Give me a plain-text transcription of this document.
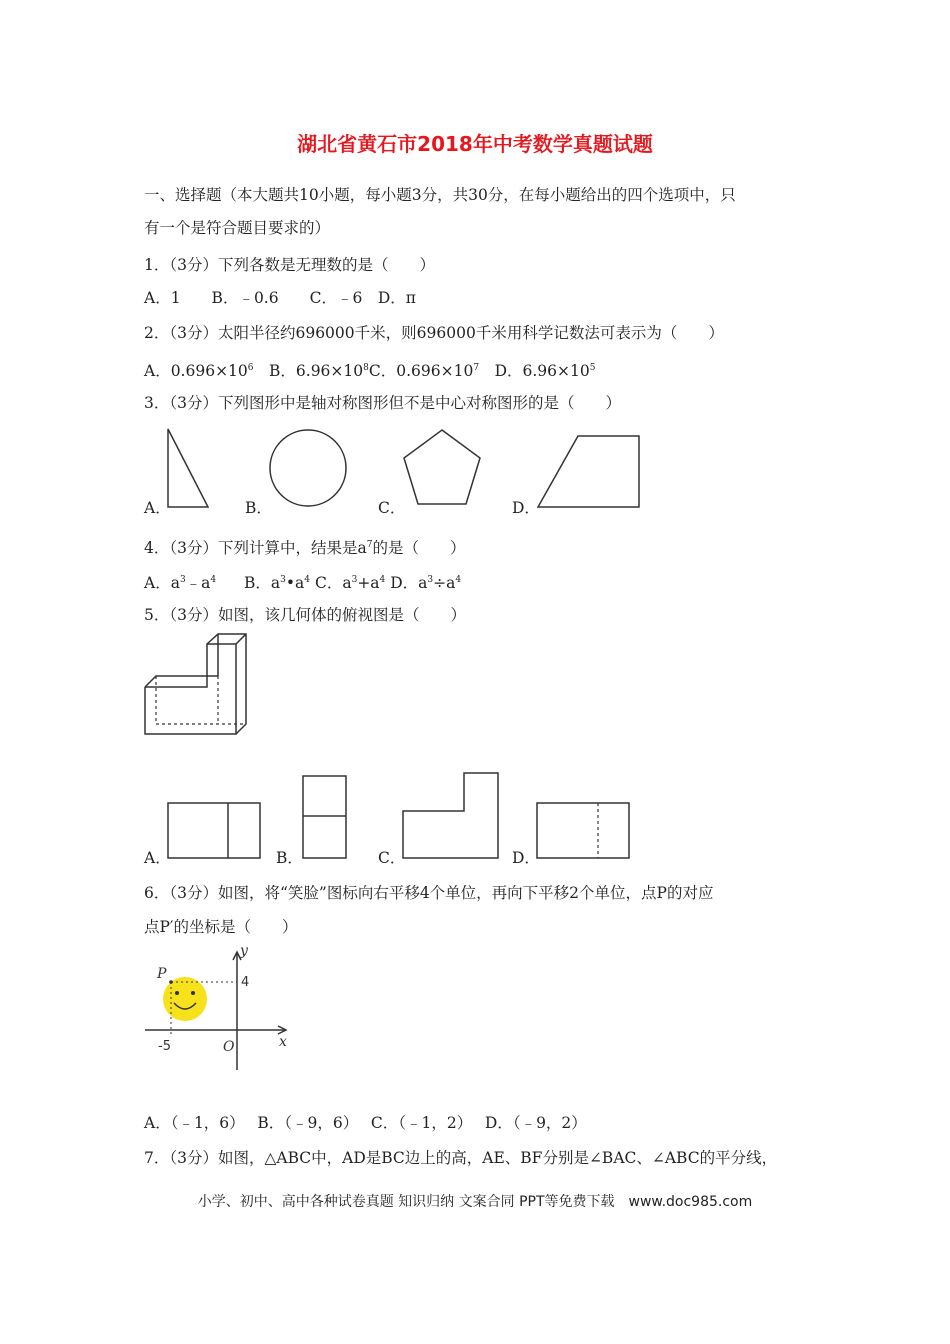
湖北省黄石市2018年中考数学真题试题
一、选择题（本大题共10小题，每小题3分，共30分，在每小题给出的四个选项中，只
有一个是符合题目要求的）
1．（3分）下列各数是无理数的是（　　）
A．1　　B．﹣0.6　　C．﹣6　D．π
2．（3分）太阳半径约696000千米，则696000千米用科学记数法可表示为（　　）
A．$0.696\times 10^6$　B．$6.96\times 10^8C$．$0.696\times 10^7$　D．$6.96\times 10^5$
3．（3分）下列图形中是轴对称图形但不是中心对称图形的是（　　）
A．	B．	C．	D．
4．（3分）下列计算中，结果是$a^7$的是（　　）
A．$a^3﹣a^4$ B．$a^3•a^4$ C．$a^3+a^4$ D．$a^3\div a^4$
5．（3分）如图，该几何体的俯视图是（　　）
A．	B．	C．	D．
6．（3分）如图，将“笑脸”图标向右平移4个单位，再向下平移2个单位，点P的对应
点P′的坐标是（　　）
y
x
P
4
-5	O
A．（﹣1，6）　 B．（﹣9，6）　 C．（﹣1，2）　 D．（﹣9，2）
7．（3分）如图，△ABC中，AD是BC边上的高，AE、BF分别是∠BAC、∠ABC的平分线，
小学、初中、高中各种试卷真题 知识归纳 文案合同 PPT等免费下载　www.doc985.com
